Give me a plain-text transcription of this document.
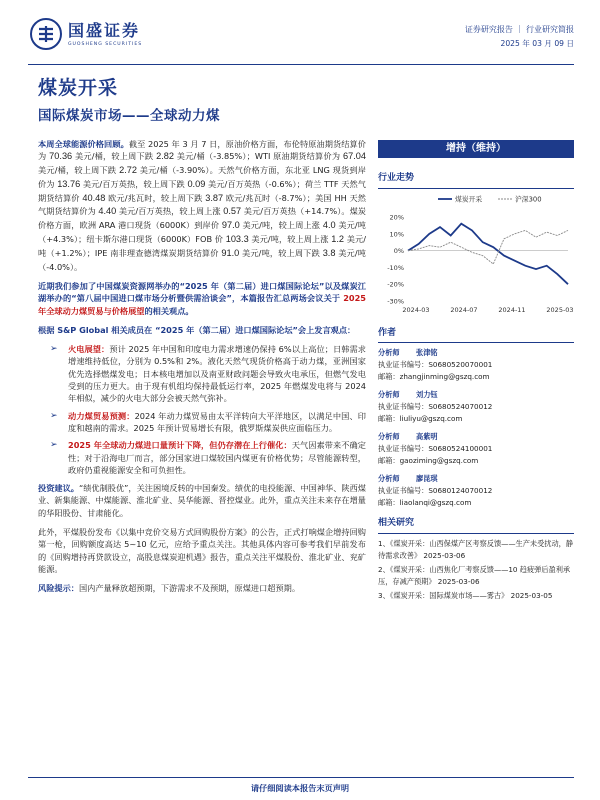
国盛证券
GUOSHENG SECURITIES
证券研究报告 ｜ 行业研究简报
2025 年 03 月 09 日
煤炭开采
国际煤炭市场——全球动力煤

本周全球能源价格回顾。截至 2025 年 3 月 7 日，原油价格方面，布伦特原油期货结算价为 70.36 美元/桶，较上周下跌 2.82 美元/桶（-3.85%）；WTI 原油期货结算价为 67.04 美元/桶，较上周下跌 2.72 美元/桶（-3.90%）。天然气价格方面，东北亚 LNG 现货到岸价为 13.76 美元/百万英热，较上周下跌 0.09 美元/百万英热（-0.6%）；荷兰 TTF 天然气期货结算价 40.48 欧元/兆瓦时，较上周下跌 3.87 欧元/兆瓦时（-8.7%）；美国 HH 天然气期货结算价为 4.40 美元/百万英热，较上周上涨 0.57 美元/百万英热（+14.7%）。煤炭价格方面，欧洲 ARA 港口现货（6000K）到岸价 97.0 美元/吨，较上周上涨 4.0 美元/吨（+4.3%）；纽卡斯尔港口现货（6000K）FOB 价 103.3 美元/吨，较上周上涨 1.2 美元/吨（+1.2%）；IPE 南非理查德湾煤炭期货结算价 91.0 美元/吨，较上周下跌 3.8 美元/吨（-4.0%）。

近期我们参加了中国煤炭资源网举办的“2025 年（第二届）进口煤国际论坛”以及煤炭江湖举办的“第八届中国进口煤市场分析暨供需洽谈会”，本篇报告汇总两场会议关于 2025 年全球动力煤贸易与价格展望的相关观点。

根据 S&P Global 相关成员在 “2025 年（第二届）进口煤国际论坛”会上发言观点：

➢ 火电展望：预计 2025 年中国和印度电力需求增速仍保持 6%以上高位；日韩需求增速维持低位，分别为 0.5%和 2%。液化天然气现货价格高于动力煤，亚洲国家优先选择燃煤发电；日本核电增加以及南亚财政问题会导致火电承压，但燃气发电受到的压力更大。由于现有机组均保持最低运行率，2025 年燃煤发电将与 2024 年相似，减少的火电大部分会被天然气弥补。
➢ 动力煤贸易预测：2024 年动力煤贸易由太平洋转向大平洋地区，以满足中国、印度和越南的需求。2025 年预计贸易增长有限，俄罗斯煤炭供应面临压力。
➢ 2025 年全球动力煤进口量预计下降，但仍存潜在上行催化：天气因素带来不确定性；对于沿海电厂而言，部分国家进口煤较国内煤更有价格优势；尽管能源转型，政府仍重视能源安全和可负担性。

投资建议。“绩优制股优”，关注困境反转的中国秦发。绩优的电投能源、中国神华、陕西煤业、新集能源、中煤能源、淮北矿业、昊华能源、晋控煤业。此外，重点关注未来存在增量的华阳股份、甘肃能化。

此外，平煤股份发布《以集中竞价交易方式回购股份方案》的公告，正式打响煤企增持回购第一枪，回购额度高达 5~10 亿元，应给予重点关注。其他具体内容可参考我们早前发布的《回购增持再贷款设立，高股息煤炭迎机遇》报告，重点关注平煤股份、淮北矿业、兖矿能源。

风险提示：国内产量释放超预期，下游需求不及预期，原煤进口超预期。

增持（维持）
行业走势
20%
10%
0%
-10%
-20%
-30%
2024-03	2024-07	2024-11	2025-03
煤炭开采	沪深300
作者
分析师	张津铭
执业证书编号： S0680520070001
邮箱： zhangjinming@gszq.com
分析师	刘力钰
执业证书编号： S0680524070012
邮箱： liuliyu@gszq.com
分析师	高紫明
执业证书编号： S0680524100001
邮箱： gaoziming@gszq.com
分析师	廖昆琪
执业证书编号： S0680124070012
邮箱： liaolanqi@gszq.com
相关研究
1、《煤炭开采：山西保煤产区考察反馈——生产未受扰动，静待需求改善》 2025-03-06
2、《煤炭开采：山西焦化厂考察反馈——10 趋疲弹后盈利承压，存减产预期》 2025-03-06
3、《煤炭开采：国际煤炭市场——雾古》 2025-03-05
请仔细阅读本报告末页声明
